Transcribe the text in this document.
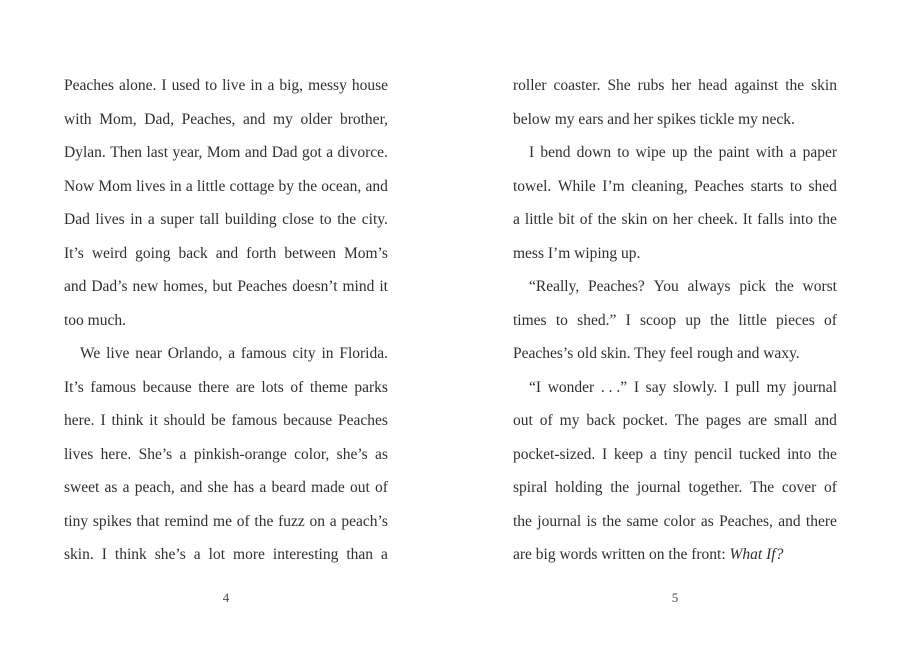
Peaches alone. I used to live in a big, messy house
with Mom, Dad, Peaches, and my older brother,
Dylan. Then last year, Mom and Dad got a divorce.
Now Mom lives in a little cottage by the ocean, and
Dad lives in a super tall building close to the city.
It’s weird going back and forth between Mom’s
and Dad’s new homes, but Peaches doesn’t mind it
too much.
We live near Orlando, a famous city in Florida.
It’s famous because there are lots of theme parks
here. I think it should be famous because Peaches
lives here. She’s a pinkish-orange color, she’s as
sweet as a peach, and she has a beard made out of
tiny spikes that remind me of the fuzz on a peach’s
skin. I think she’s a lot more interesting than a
roller coaster. She rubs her head against the skin
below my ears and her spikes tickle my neck.
I bend down to wipe up the paint with a paper
towel. While I’m cleaning, Peaches starts to shed
a little bit of the skin on her cheek. It falls into the
mess I’m wiping up.
“Really, Peaches? You always pick the worst
times to shed.” I scoop up the little pieces of
Peaches’s old skin. They feel rough and waxy.
“I wonder . . .” I say slowly. I pull my journal
out of my back pocket. The pages are small and
pocket-sized. I keep a tiny pencil tucked into the
spiral holding the journal together. The cover of
the journal is the same color as Peaches, and there
are big words written on the front: What If?
4	5
